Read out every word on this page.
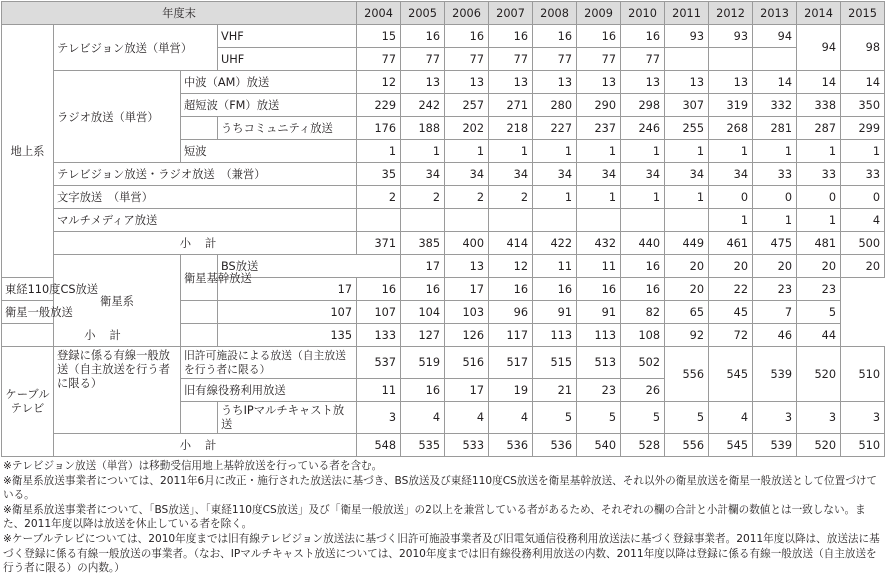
年度末				2004	2005	2006	2007	2008	2009	2010	2011	2012	2013	2014	2015	
地上系	テレビジョン放送（単営）		VHF	15	16	16	16	16	16	16	93	93	94	94	98	
			UHF	77	77	77	77	77	77	77						
	ラジオ放送（単営）	中波（AM）放送		12	13	13	13	13	13	13	13	13	14	14	14	
		超短波（FM）放送		229	242	257	271	280	290	298	307	319	332	338	350	
			うちコミュニティ放送	176	188	202	218	227	237	246	255	268	281	287	299	
		短波		1	1	1	1	1	1	1	1	1	1	1	1	
	テレビジョン放送・ラジオ放送　（兼営）			35	34	34	34	34	34	34	34	34	33	33	33	
	文字放送　（単営）			2	2	2	2	1	1	1	1	0	0	0	0	
	マルチメディア放送											1	1	1	4	
	小計			371	385	400	414	422	432	440	449	461	475	481	500	
	衛星系	衛星基幹放送	BS放送		17	13	12	11	11	16	20	20	20	20	20	
東経110度CS放送			17	16	16	17	16	16	16	16	20	22	23	23		
衛星一般放送			107	107	104	103	96	91	91	82	65	45	7	5		
小計			135	133	127	126	117	113	113	108	92	72	46	44		
ケーブルテレビ	登録に係る有線一般放送（自主放送を行う者に限る）	旧許可施設による放送（自主放送を行う者に限る）		537	519	516	517	515	513	502	556	545	539	520	510	
		旧有線役務利用放送		11	16	17	19	21	23	26						
			うちIPマルチキャスト放送	3	4	4	4	5	5	5	5	4	3	3	3	
	小計			548	535	533	536	536	540	528	556	545	539	520	510	
※テレビジョン放送（単営）は移動受信用地上基幹放送を行っている者を含む。
※衛星系放送事業者については、2011年6月に改正・施行された放送法に基づき、BS放送及び東経110度CS放送を衛星基幹放送、それ以外の衛星放送を衛星一般放送として位置づけている。
※衛星系放送事業者について、「BS放送」、「東経110度CS放送」及び「衛星一般放送」の2以上を兼営している者があるため、それぞれの欄の合計と小計欄の数値とは一致しない。また、2011年度以降は放送を休止している者を除く。
※ケーブルテレビについては、2010年度までは旧有線テレビジョン放送法に基づく旧許可施設事業者及び旧電気通信役務利用放送法に基づく登録事業者。2011年度以降は、放送法に基づく登録に係る有線一般放送の事業者。（なお、IPマルチキャスト放送については、2010年度までは旧有線役務利用放送の内数、2011年度以降は登録に係る有線一般放送（自主放送を行う者に限る）の内数。）
